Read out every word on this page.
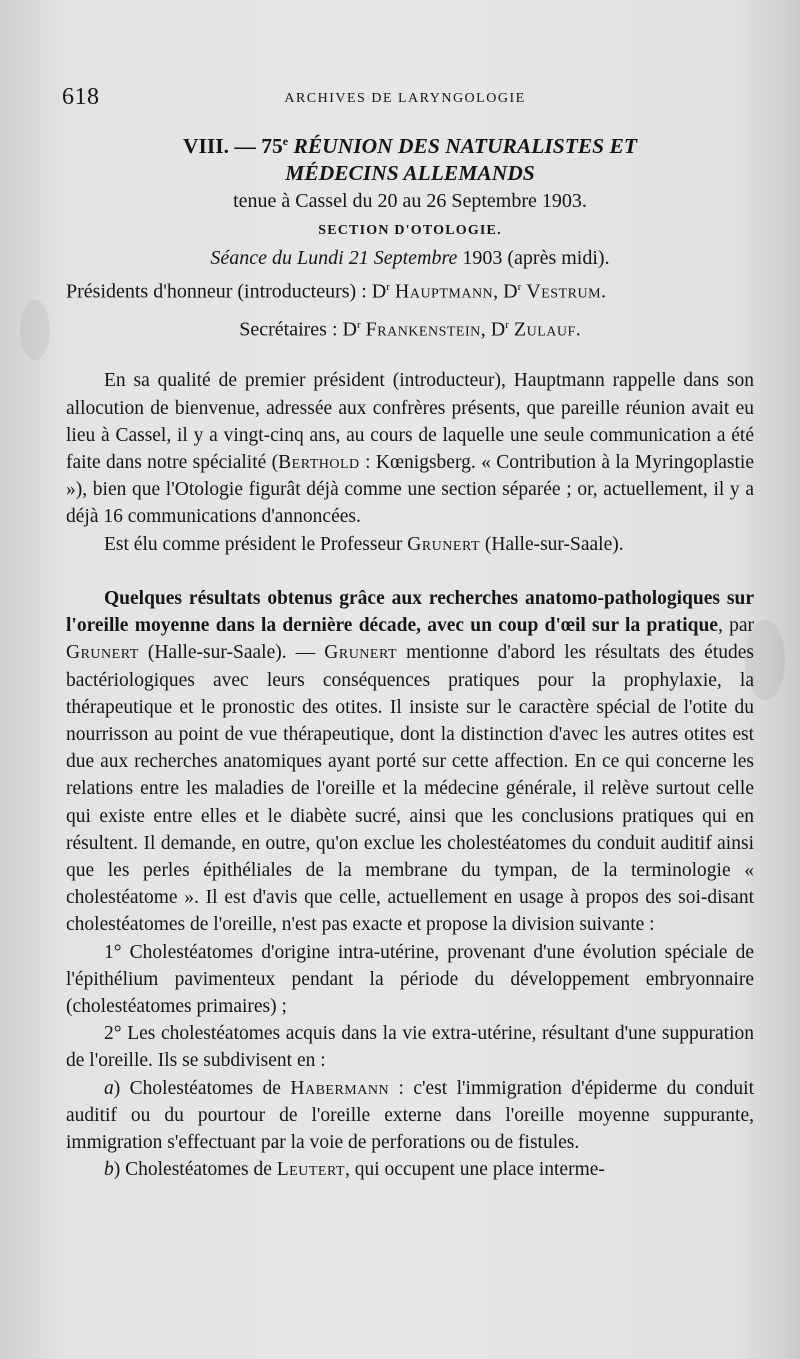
618	ARCHIVES DE LARYNGOLOGIE
VIII. — 75e RÉUNION DES NATURALISTES ET
MÉDECINS ALLEMANDS
tenue à Cassel du 20 au 26 Septembre 1903.
SECTION D'OTOLOGIE.
Séance du Lundi 21 Septembre 1903 (après midi).
Présidents d'honneur (introducteurs) : $D^r$ Hauptmann, $D^r$ Vestrum.
Secrétaires : $D^r$ Frankenstein, $D^r$ Zulauf.

En sa qualité de premier président (introducteur), Hauptmann rappelle dans son allocution de bienvenue, adressée aux confrères présents, que pareille réunion avait eu lieu à Cassel, il y a vingt-cinq ans, au cours de laquelle une seule communication a été faite dans notre spécialité (Berthold : Kœnigsberg. « Contribution à la Myringoplastie »), bien que l'Otologie figurât déjà comme une section séparée ; or, actuellement, il y a déjà 16 communications d'annoncées.

Est élu comme président le Professeur Grunert (Halle-sur-Saale).

Quelques résultats obtenus grâce aux recherches anatomo-pathologiques sur l'oreille moyenne dans la dernière décade, avec un coup d'œil sur la pratique, par Grunert (Halle-sur-Saale). — Grunert mentionne d'abord les résultats des études bactériologiques avec leurs conséquences pratiques pour la prophylaxie, la thérapeutique et le pronostic des otites. Il insiste sur le caractère spécial de l'otite du nourrisson au point de vue thérapeutique, dont la distinction d'avec les autres otites est due aux recherches anatomiques ayant porté sur cette affection. En ce qui concerne les relations entre les maladies de l'oreille et la médecine générale, il relève surtout celle qui existe entre elles et le diabète sucré, ainsi que les conclusions pratiques qui en résultent. Il demande, en outre, qu'on exclue les cholestéatomes du conduit auditif ainsi que les perles épithéliales de la membrane du tympan, de la terminologie « cholestéatome ». Il est d'avis que celle, actuellement en usage à propos des soi-disant cholestéatomes de l'oreille, n'est pas exacte et propose la division suivante :

1° Cholestéatomes d'origine intra-utérine, provenant d'une évolution spéciale de l'épithélium pavimenteux pendant la période du développement embryonnaire (cholestéatomes primaires) ;

2° Les cholestéatomes acquis dans la vie extra-utérine, résultant d'une suppuration de l'oreille. Ils se subdivisent en :

a) Cholestéatomes de Habermann : c'est l'immigration d'épiderme du conduit auditif ou du pourtour de l'oreille externe dans l'oreille moyenne suppurante, immigration s'effectuant par la voie de perforations ou de fistules.

b) Cholestéatomes de Leutert, qui occupent une place interme-
